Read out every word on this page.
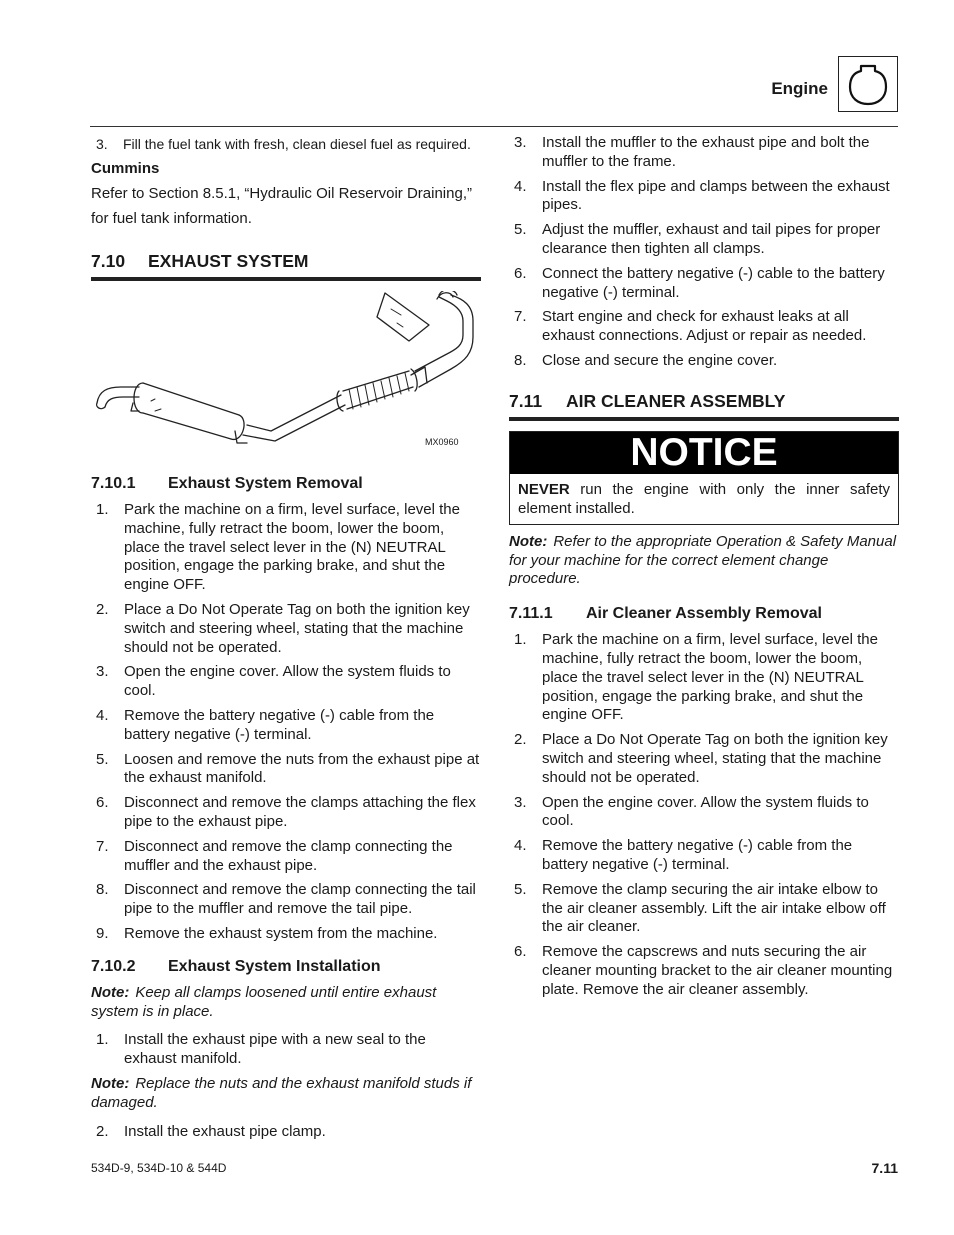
Engine
3.	Fill the fuel tank with fresh, clean diesel fuel as required.
Cummins

Refer to Section 8.5.1, “Hydraulic Oil Reservoir Draining,” for fuel tank information.

7.10 EXHAUST SYSTEM
MX0960
7.10.1 Exhaust System Removal
1.	Park the machine on a firm, level surface, level the machine, fully retract the boom, lower the boom, place the travel select lever in the (N) NEUTRAL position, engage the parking brake, and shut the engine OFF.
2.	Place a Do Not Operate Tag on both the ignition key switch and steering wheel, stating that the machine should not be operated.
3.	Open the engine cover. Allow the system fluids to cool.
4.	Remove the battery negative (-) cable from the battery negative (-) terminal.
5.	Loosen and remove the nuts from the exhaust pipe at the exhaust manifold.
6.	Disconnect and remove the clamps attaching the flex pipe to the exhaust pipe.
7.	Disconnect and remove the clamp connecting the muffler and the exhaust pipe.
8.	Disconnect and remove the clamp connecting the tail pipe to the muffler and remove the tail pipe.
9.	Remove the exhaust system from the machine.
7.10.2 Exhaust System Installation

Note: Keep all clamps loosened until entire exhaust system is in place.

1.	Install the exhaust pipe with a new seal to the exhaust manifold.

Note: Replace the nuts and the exhaust manifold studs if damaged.

2.	Install the exhaust pipe clamp.
3.	Install the muffler to the exhaust pipe and bolt the muffler to the frame.
4.	Install the flex pipe and clamps between the exhaust pipes.
5.	Adjust the muffler, exhaust and tail pipes for proper clearance then tighten all clamps.
6.	Connect the battery negative (-) cable to the battery negative (-) terminal.
7.	Start engine and check for exhaust leaks at all exhaust connections. Adjust or repair as needed.
8.	Close and secure the engine cover.
7.11 AIR CLEANER ASSEMBLY
NOTICE
NEVER run the engine with only the inner safety element installed.

Note: Refer to the appropriate Operation & Safety Manual for your machine for the correct element change procedure.

7.11.1 Air Cleaner Assembly Removal
1.	Park the machine on a firm, level surface, level the machine, fully retract the boom, lower the boom, place the travel select lever in the (N) NEUTRAL position, engage the parking brake, and shut the engine OFF.
2.	Place a Do Not Operate Tag on both the ignition key switch and steering wheel, stating that the machine should not be operated.
3.	Open the engine cover. Allow the system fluids to cool.
4.	Remove the battery negative (-) cable from the battery negative (-) terminal.
5.	Remove the clamp securing the air intake elbow to the air cleaner assembly. Lift the air intake elbow off the air cleaner.
6.	Remove the capscrews and nuts securing the air cleaner mounting bracket to the air cleaner mounting plate. Remove the air cleaner assembly.
534D-9, 534D-10 & 544D	7.11
